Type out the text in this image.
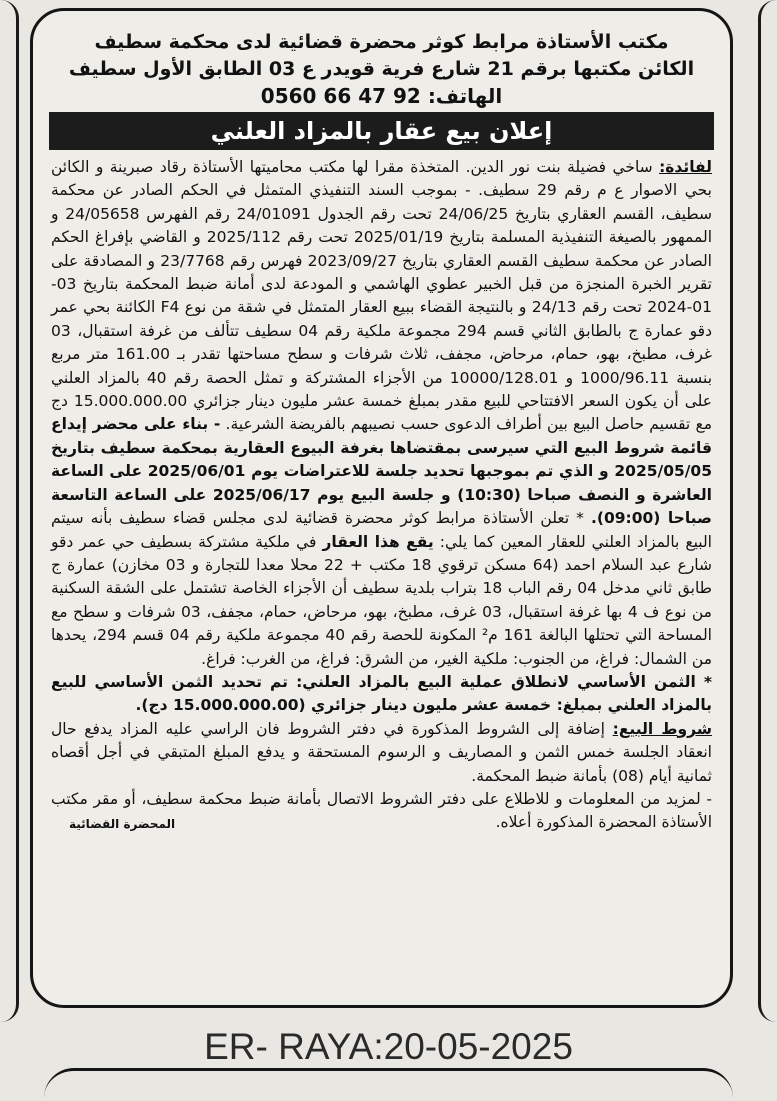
مكتب الأستاذة مرابط كوثر محضرة قضائية لدى محكمة سطيف
الكائن مكتبها برقم 21 شارع فرية قويدر ع 03 الطابق الأول سطيف
الهاتف: 0560 66 47 92
إعلان بيع عقار بالمزاد العلني

لفائدة: ساخي فضيلة بنت نور الدين. المتخذة مقرا لها مكتب محاميتها الأستاذة رقاد صبرينة و الكائن بحي الاصوار ع م رقم 29 سطيف. - بموجب السند التنفيذي المتمثل في الحكم الصادر عن محكمة سطيف، القسم العقاري بتاريخ 24/06/25 تحت رقم الجدول 24/01091 رقم الفهرس 24/05658 و الممهور بالصيغة التنفيذية المسلمة بتاريخ 2025/01/19 تحت رقم 2025/112 و القاضي بإفراغ الحكم الصادر عن محكمة سطيف القسم العقاري بتاريخ 2023/09/27 فهرس رقم 23/7768 و المصادقة على تقرير الخبرة المنجزة من قبل الخبير عطوي الهاشمي و المودعة لدى أمانة ضبط المحكمة بتاريخ 03-01-2024 تحت رقم 24/13 و بالنتيجة القضاء ببيع العقار المتمثل في شقة من نوع F4 الكائنة بحي عمر دقو عمارة ج بالطابق الثاني قسم 294 مجموعة ملكية رقم 04 سطيف تتألف من غرفة استقبال، 03 غرف، مطبخ، بهو، حمام، مرحاض، مجفف، ثلاث شرفات و سطح مساحتها تقدر بـ 161.00 متر مربع بنسبة 1000/96.11 و 10000/128.01 من الأجزاء المشتركة و تمثل الحصة رقم 40 بالمزاد العلني على أن يكون السعر الافتتاحي للبيع مقدر بمبلغ خمسة عشر مليون دينار جزائري 15.000.000.00 دج مع تقسيم حاصل البيع بين أطراف الدعوى حسب نصيبهم بالفريضة الشرعية. - بناء على محضر إيداع قائمة شروط البيع التي سيرسى بمقتضاها بغرفة البيوع العقارية بمحكمة سطيف بتاريخ 2025/05/05 و الذي تم بموجبها تحديد جلسة للاعتراضات يوم 2025/06/01 على الساعة العاشرة و النصف صباحا (10:30) و جلسة البيع يوم 2025/06/17 على الساعة التاسعة صباحا (09:00). * تعلن الأستاذة مرابط كوثر محضرة قضائية لدى مجلس قضاء سطيف بأنه سيتم البيع بالمزاد العلني للعقار المعين كما يلي: يقع هذا العقار في ملكية مشتركة بسطيف حي عمر دقو شارع عبد السلام احمد (64 مسكن ترقوي 18 مكتب + 22 محلا معدا للتجارة و 03 مخازن) عمارة ج طابق ثاني مدخل 04 رقم الباب 18 بتراب بلدية سطيف أن الأجزاء الخاصة تشتمل على الشقة السكنية من نوع ف 4 بها غرفة استقبال، 03 غرف، مطبخ، بهو، مرحاض، حمام، مجفف، 03 شرفات و سطح مع المساحة التي تحتلها البالغة 161 م² المكونة للحصة رقم 40 مجموعة ملكية رقم 04 قسم 294، يحدها من الشمال: فراغ، من الجنوب: ملكية الغير، من الشرق: فراغ، من الغرب: فراغ.

* الثمن الأساسي لانطلاق عملية البيع بالمزاد العلني: تم تحديد الثمن الأساسي للبيع بالمزاد العلني بمبلغ: خمسة عشر مليون دينار جزائري (15.000.000.00 دج).

شروط البيع: إضافة إلى الشروط المذكورة في دفتر الشروط فان الراسي عليه المزاد يدفع حال انعقاد الجلسة خمس الثمن و المصاريف و الرسوم المستحقة و يدفع المبلغ المتبقي في أجل أقصاه ثمانية أيام (08) بأمانة ضبط المحكمة.

- لمزيد من المعلومات و للاطلاع على دفتر الشروط الاتصال بأمانة ضبط محكمة سطيف، أو مقر مكتب الأستاذة المحضرة المذكورة أعلاه.

المحضرة القضائية
ER- RAYA:20-05-2025
